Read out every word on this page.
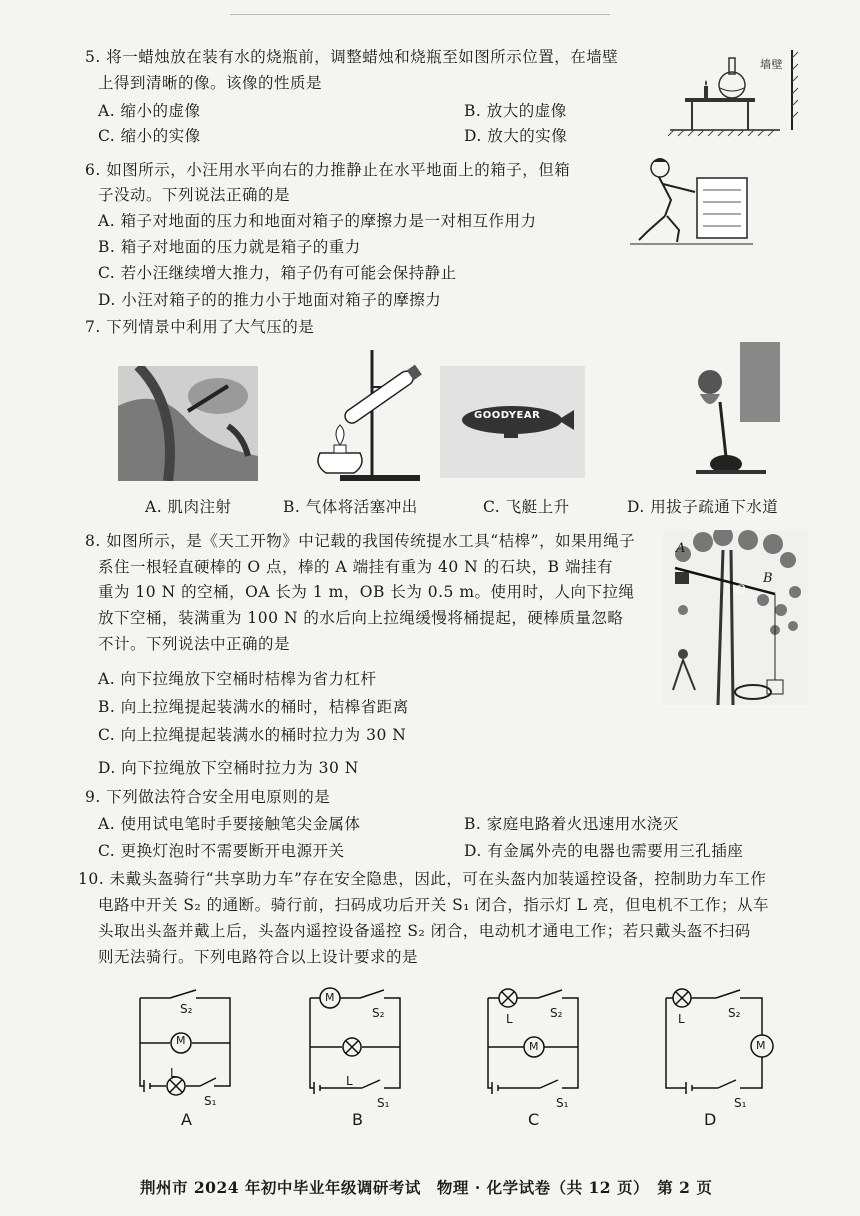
5. 将一蜡烛放在装有水的烧瓶前，调整蜡烛和烧瓶至如图所示位置，在墙壁
上得到清晰的像。该像的性质是
A. 缩小的虚像	B. 放大的虚像
C. 缩小的实像	D. 放大的实像
墙壁
6. 如图所示，小汪用水平向右的力推静止在水平地面上的箱子，但箱
子没动。下列说法正确的是
A. 箱子对地面的压力和地面对箱子的摩擦力是一对相互作用力
B. 箱子对地面的压力就是箱子的重力
C. 若小汪继续增大推力，箱子仍有可能会保持静止
D. 小汪对箱子的的推力小于地面对箱子的摩擦力
7. 下列情景中利用了大气压的是
GOODYEAR
A. 肌肉注射	B. 气体将活塞冲出	C. 飞艇上升	D. 用拔子疏通下水道
8. 如图所示，是《天工开物》中记载的我国传统提水工具“桔槔”，如果用绳子
系住一根轻直硬棒的 O 点，棒的 A 端挂有重为 40 N 的石块，B 端挂有
重为 10 N 的空桶，OA 长为 1 m，OB 长为 0.5 m。使用时，人向下拉绳
放下空桶，装满重为 100 N 的水后向上拉绳缓慢将桶提起，硬棒质量忽略
不计。下列说法中正确的是
A. 向下拉绳放下空桶时桔槔为省力杠杆
B. 向上拉绳提起装满水的桶时，桔槔省距离
C. 向上拉绳提起装满水的桶时拉力为 30 N
D. 向下拉绳放下空桶时拉力为 30 N
A
B
O
9. 下列做法符合安全用电原则的是
A. 使用试电笔时手要接触笔尖金属体	B. 家庭电路着火迅速用水浇灭
C. 更换灯泡时不需要断开电源开关	D. 有金属外壳的电器也需要用三孔插座
10. 未戴头盔骑行“共享助力车”存在安全隐患，因此，可在头盔内加装遥控设备，控制助力车工作
电路中开关 S₂ 的通断。骑行前，扫码成功后开关 S₁ 闭合，指示灯 L 亮，但电机不工作；从车
头取出头盔并戴上后，头盔内遥控设备遥控 S₂ 闭合，电动机才通电工作；若只戴头盔不扫码
则无法骑行。下列电路符合以上设计要求的是
M
S₂
L
S₁
A
M
S₂
L
S₁
B
M
L	S₂
S₁
C
M
L	S₂
S₁
D
荆州市 2024 年初中毕业年级调研考试　物理 · 化学试卷（共 12 页）　第 2 页
